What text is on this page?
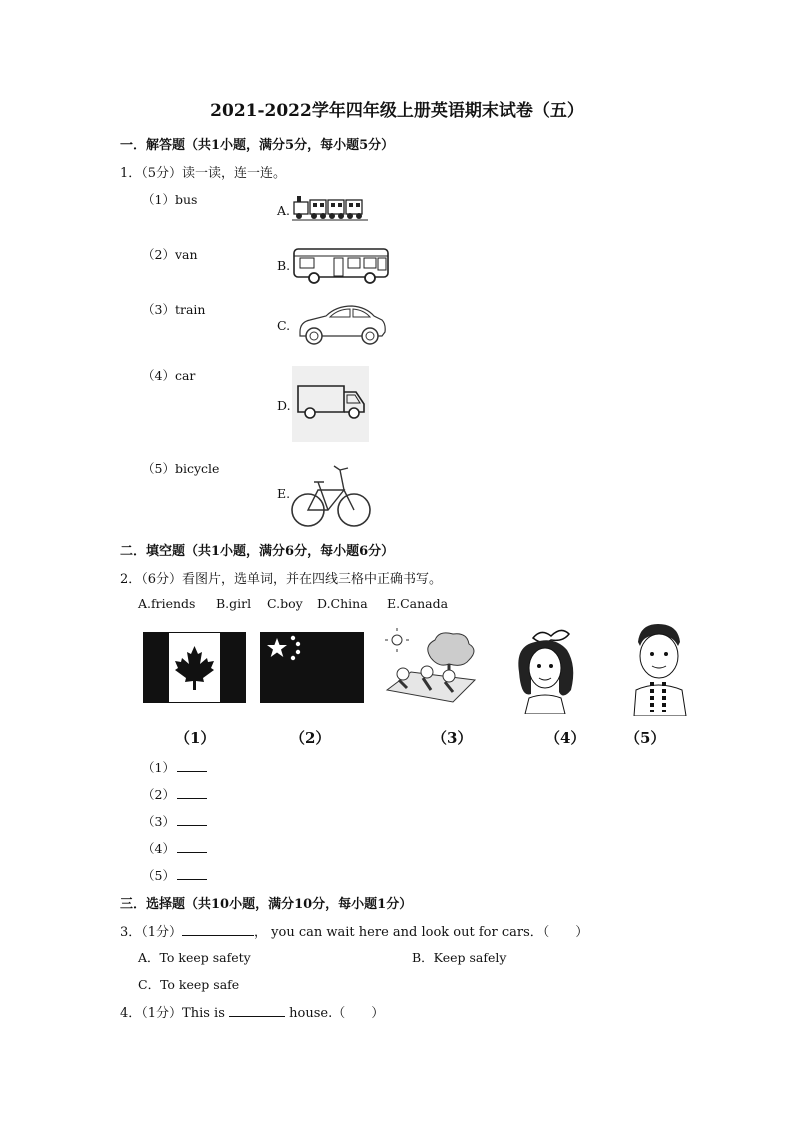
2021-2022学年四年级上册英语期末试卷（五）
一．解答题（共1小题，满分5分，每小题5分）
1．（5分）读一读，连一连。
（1）bus
（2）van
（3）train
（4）car
（5）bicycle
A.
B.
C.
D.
E.
二．填空题（共1小题，满分6分，每小题6分）
2．（6分）看图片，选单词，并在四线三格中正确书写。
A.friends B.girl C.boy D.China E.Canada
（1）	（2）	（3）	（4）	（5）
（1）
（2）
（3）
（4）
（5）
三．选择题（共10小题，满分10分，每小题1分）
3．（1分）	， you can wait here and look out for cars．（　　）
A．To keep safety	B．Keep safely
C．To keep safe
4．（1分）This is	house.（　　）
